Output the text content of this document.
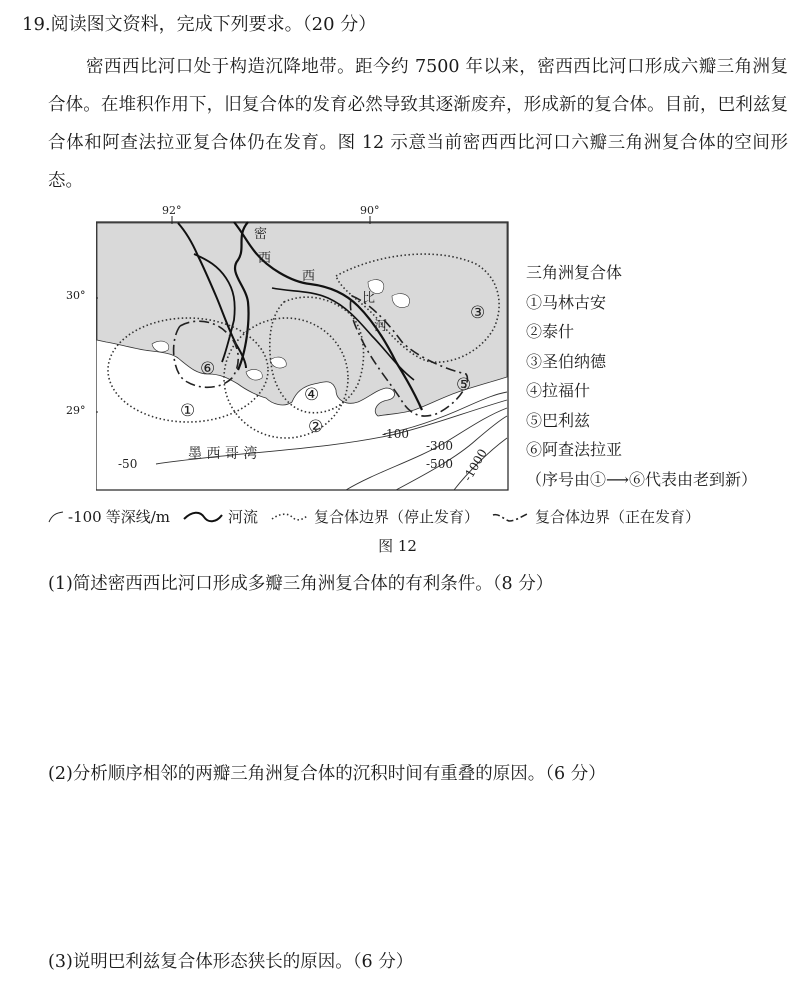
19.阅读图文资料，完成下列要求。（20 分）

密西西比河口处于构造沉降地带。距今约 7500 年以来，密西西比河口形成六瓣三角洲复合体。在堆积作用下，旧复合体的发育必然导致其逐渐废弃，形成新的复合体。目前，巴利兹复合体和阿查法拉亚复合体仍在发育。图 12 示意当前密西西比河口六瓣三角洲复合体的空间形态。

92°	90°
密
西
西
比
河
①
②
③
④	⑤
⑥
墨 西 哥 湾
-50
-100
-300
-500 -1000
30°
29°
三角洲复合体
①马林古安
②泰什
③圣伯纳德
④拉福什
⑤巴利兹
⑥阿查法拉亚
（序号由①⟶⑥代表由老到新）
-100 等深线/m	河流	复合体边界（停止发育）	复合体边界（正在发育）
图 12
(1)简述密西西比河口形成多瓣三角洲复合体的有利条件。（8 分）
(2)分析顺序相邻的两瓣三角洲复合体的沉积时间有重叠的原因。（6 分）
(3)说明巴利兹复合体形态狭长的原因。（6 分）
